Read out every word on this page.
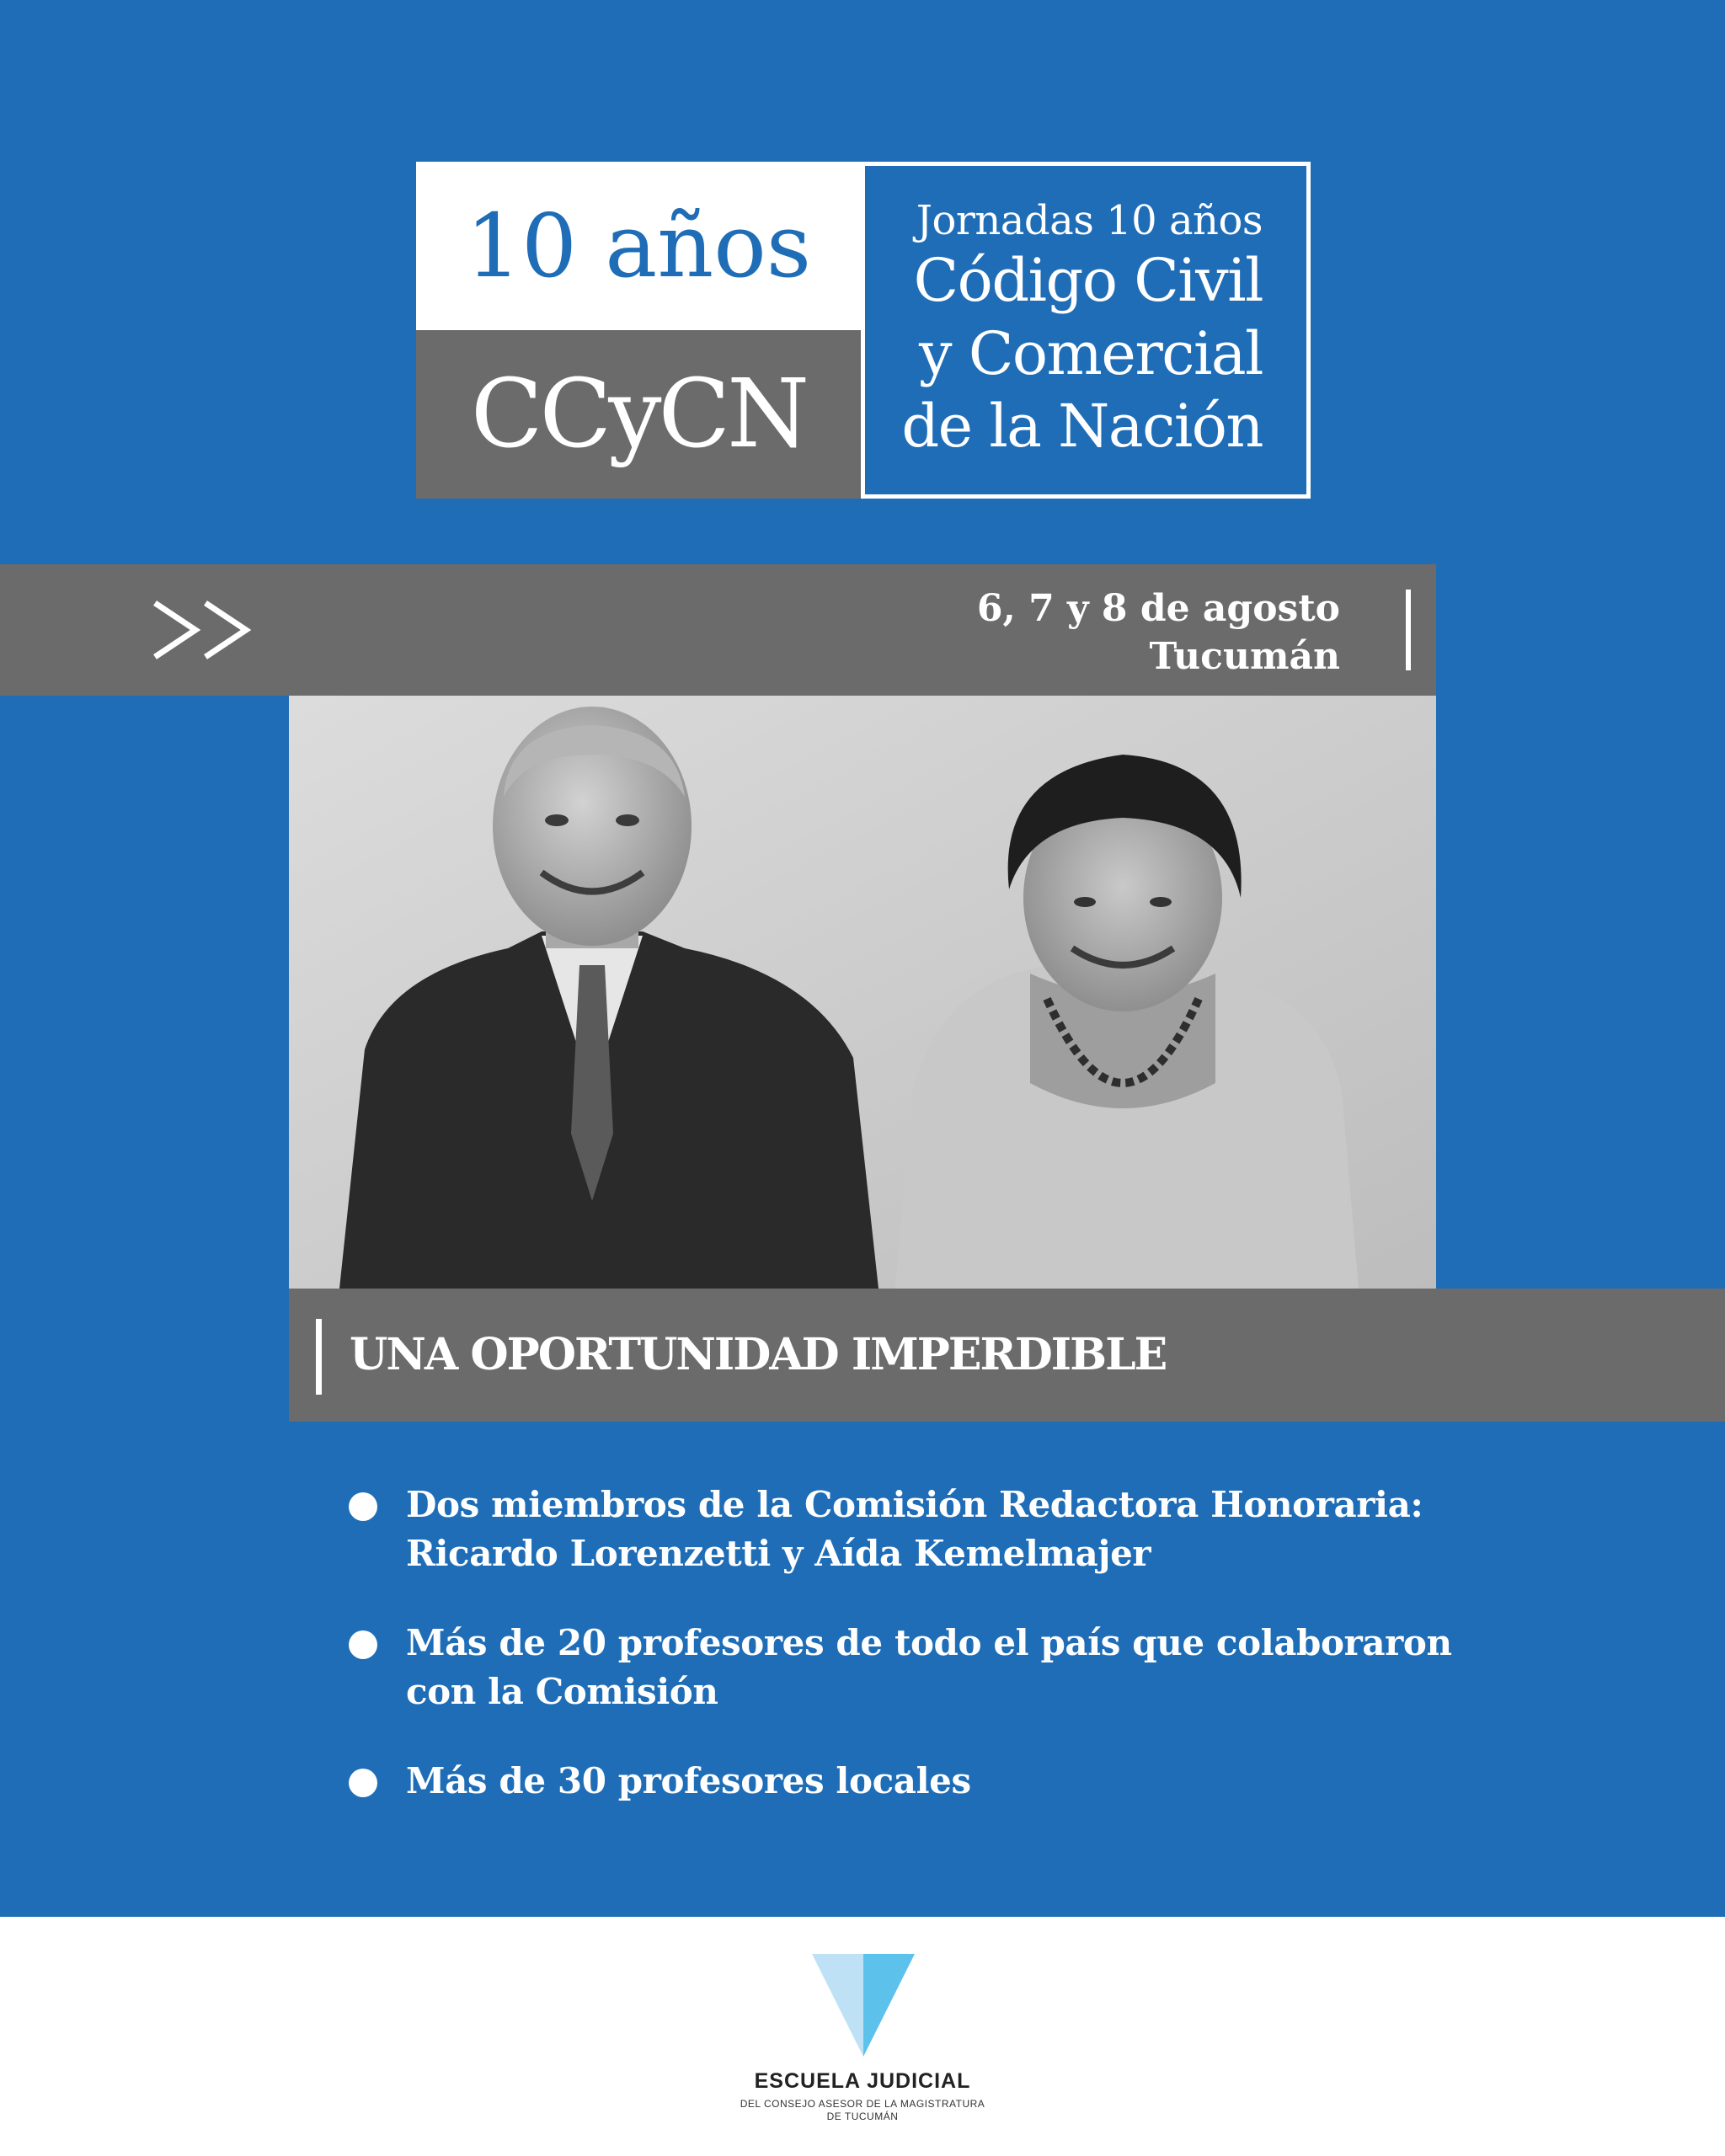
10 años
CCyCN
Jornadas 10 años
Código Civil
y Comercial
de la Nación
6, 7 y 8 de agosto
Tucumán
UNA OPORTUNIDAD IMPERDIBLE
Dos miembros de la Comisión Redactora Honoraria:
Ricardo Lorenzetti y Aída Kemelmajer
Más de 20 profesores de todo el país que colaboraron
con la Comisión
Más de 30 profesores locales
ESCUELA JUDICIAL
DEL CONSEJO ASESOR DE LA MAGISTRATURA
DE TUCUMÁN
